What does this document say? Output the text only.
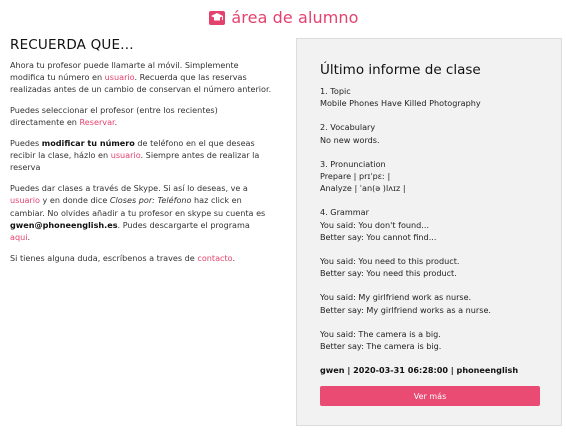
área de alumno
RECUERDA QUE...

Ahora tu profesor puede llamarte al móvil. Simplemente modifica tu número en usuario. Recuerda que las reservas realizadas antes de un cambio de conservan el número anterior.

Puedes seleccionar el profesor (entre los recientes) directamente en Reservar.

Puedes modificar tu número de teléfono en el que deseas recibir la clase, házlo en usuario. Siempre antes de realizar la reserva

Puedes dar clases a través de Skype. Si así lo deseas, ve a usuario y en donde dice Closes por: Teléfono haz click en cambiar. No olvides añadir a tu profesor en skype su cuenta es gwen@phoneenglish.es. Pudes descargarte el programa aqui.

Si tienes alguna duda, escríbenos a traves de contacto.

Último informe de clase
1. Topic
Mobile Phones Have Killed Photography
2. Vocabulary
No new words.
3. Pronunciation
Prepare | prɪˈpɛː |
Analyze | ˈan(ə )lʌɪz |
4. Grammar
You said: You don't found...
Better say: You cannot find...
You said: You need to this product.
Better say: You need this product.
You said: My girlfriend work as nurse.
Better say: My girlfriend works as a nurse.
You said: The camera is a big.
Better say: The camera is big.
gwen | 2020-03-31 06:28:00 | phoneenglish
Ver más
